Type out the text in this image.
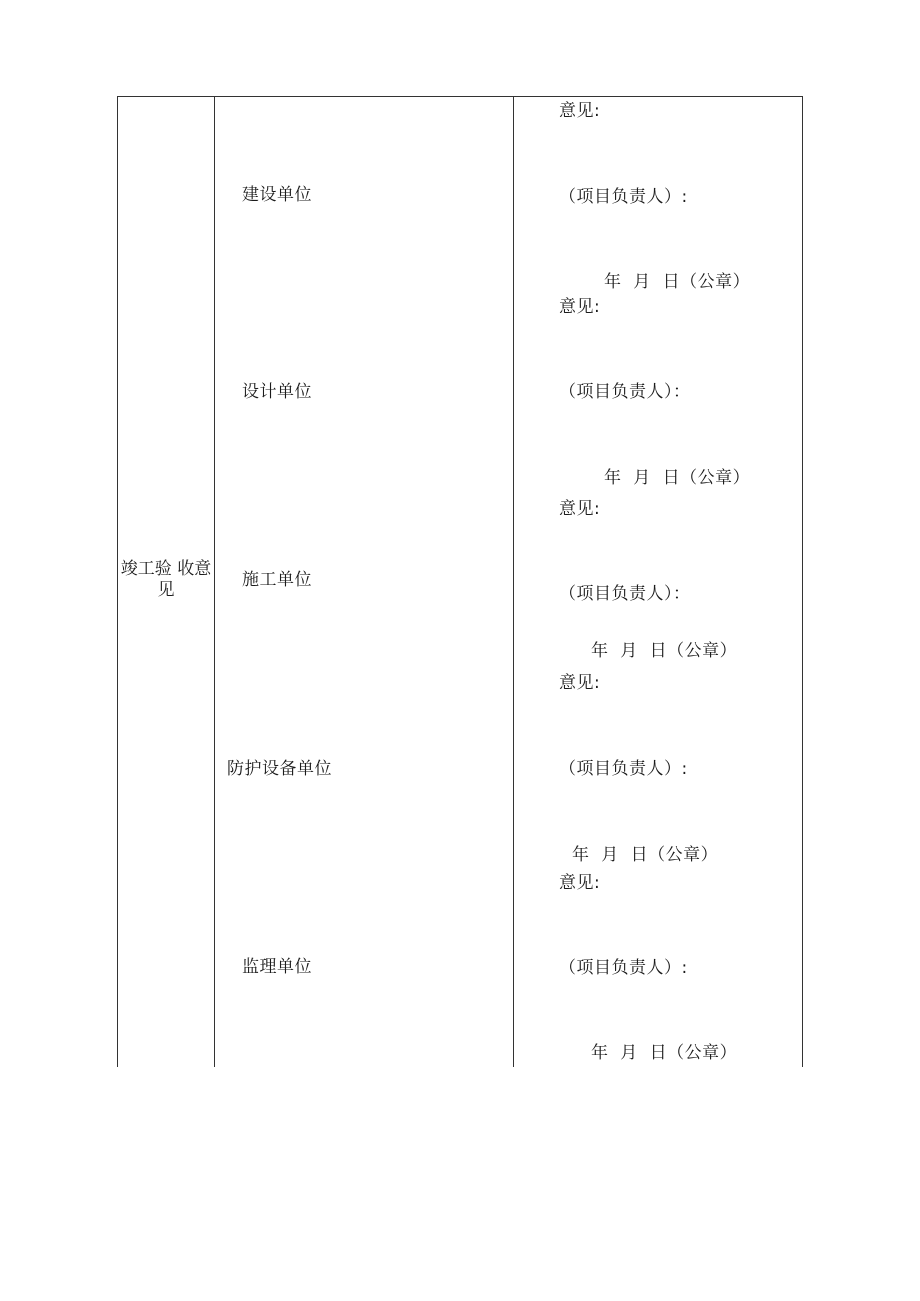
竣工验 收意见
建设单位
意见:
（项目负责人）:
年  月  日（公章）
设计单位
意见:
（项目负责人）：
年  月  日（公章）
施工单位
意见:
（项目负责人）：
年  月  日（公章）
防护设备单位
意见:
（项目负责人）:
年  月  日（公章）
监理单位
意见:
（项目负责人）:
年  月  日（公章）
